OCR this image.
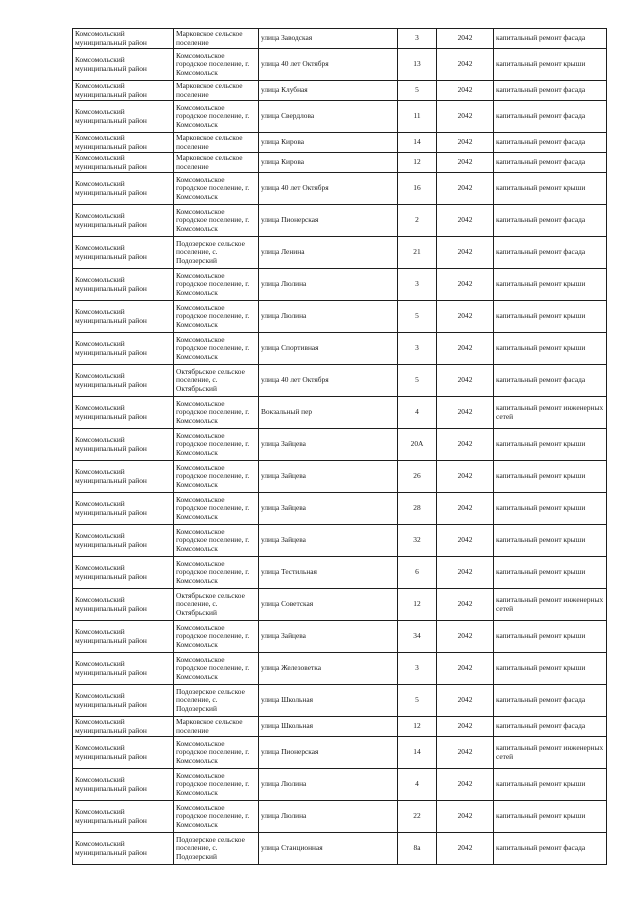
Комсомольский муниципальный район	Марковское сельское поселение	улица Заводская	3	2042	капитальный ремонт фасада
Комсомольский муниципальный район	Комсомольское городское поселение, г. Комсомольск	улица 40 лет Октября	13	2042	капитальный ремонт крыши
Комсомольский муниципальный район	Марковское сельское поселение	улица Клубная	5	2042	капитальный ремонт фасада
Комсомольский муниципальный район	Комсомольское городское поселение, г. Комсомольск	улица Свердлова	11	2042	капитальный ремонт фасада
Комсомольский муниципальный район	Марковское сельское поселение	улица Кирова	14	2042	капитальный ремонт фасада
Комсомольский муниципальный район	Марковское сельское поселение	улица Кирова	12	2042	капитальный ремонт фасада
Комсомольский муниципальный район	Комсомольское городское поселение, г. Комсомольск	улица 40 лет Октября	16	2042	капитальный ремонт крыши
Комсомольский муниципальный район	Комсомольское городское поселение, г. Комсомольск	улица Пионерская	2	2042	капитальный ремонт фасада
Комсомольский муниципальный район	Подозерское сельское поселение, с. Подозерский	улица Ленина	21	2042	капитальный ремонт фасада
Комсомольский муниципальный район	Комсомольское городское поселение, г. Комсомольск	улица Люлина	3	2042	капитальный ремонт крыши
Комсомольский муниципальный район	Комсомольское городское поселение, г. Комсомольск	улица Люлина	5	2042	капитальный ремонт крыши
Комсомольский муниципальный район	Комсомольское городское поселение, г. Комсомольск	улица Спортивная	3	2042	капитальный ремонт крыши
Комсомольский муниципальный район	Октябрьское сельское поселение, с. Октябрьский	улица 40 лет Октября	5	2042	капитальный ремонт фасада
Комсомольский муниципальный район	Комсомольское городское поселение, г. Комсомольск	Вокзальный пер	4	2042	капитальный ремонт инженерных сетей
Комсомольский муниципальный район	Комсомольское городское поселение, г. Комсомольск	улица Зайцева	20А	2042	капитальный ремонт крыши
Комсомольский муниципальный район	Комсомольское городское поселение, г. Комсомольск	улица Зайцева	26	2042	капитальный ремонт крыши
Комсомольский муниципальный район	Комсомольское городское поселение, г. Комсомольск	улица Зайцева	28	2042	капитальный ремонт крыши
Комсомольский муниципальный район	Комсомольское городское поселение, г. Комсомольск	улица Зайцева	32	2042	капитальный ремонт крыши
Комсомольский муниципальный район	Комсомольское городское поселение, г. Комсомольск	улица Тестильная	6	2042	капитальный ремонт крыши
Комсомольский муниципальный район	Октябрьское сельское поселение, с. Октябрьский	улица Советская	12	2042	капитальный ремонт инженерных сетей
Комсомольский муниципальный район	Комсомольское городское поселение, г. Комсомольск	улица Зайцева	34	2042	капитальный ремонт крыши
Комсомольский муниципальный район	Комсомольское городское поселение, г. Комсомольск	улица Железоветка	3	2042	капитальный ремонт крыши
Комсомольский муниципальный район	Подозерское сельское поселение, с. Подозерский	улица Школьная	5	2042	капитальный ремонт фасада
Комсомольский муниципальный район	Марковское сельское поселение	улица Школьная	12	2042	капитальный ремонт фасада
Комсомольский муниципальный район	Комсомольское городское поселение, г. Комсомольск	улица Пионерская	14	2042	капитальный ремонт инженерных сетей
Комсомольский муниципальный район	Комсомольское городское поселение, г. Комсомольск	улица Люлина	4	2042	капитальный ремонт крыши
Комсомольский муниципальный район	Комсомольское городское поселение, г. Комсомольск	улица Люлина	22	2042	капитальный ремонт крыши
Комсомольский муниципальный район	Подозерское сельское поселение, с. Подозерский	улица Станционная	8а	2042	капитальный ремонт фасада
